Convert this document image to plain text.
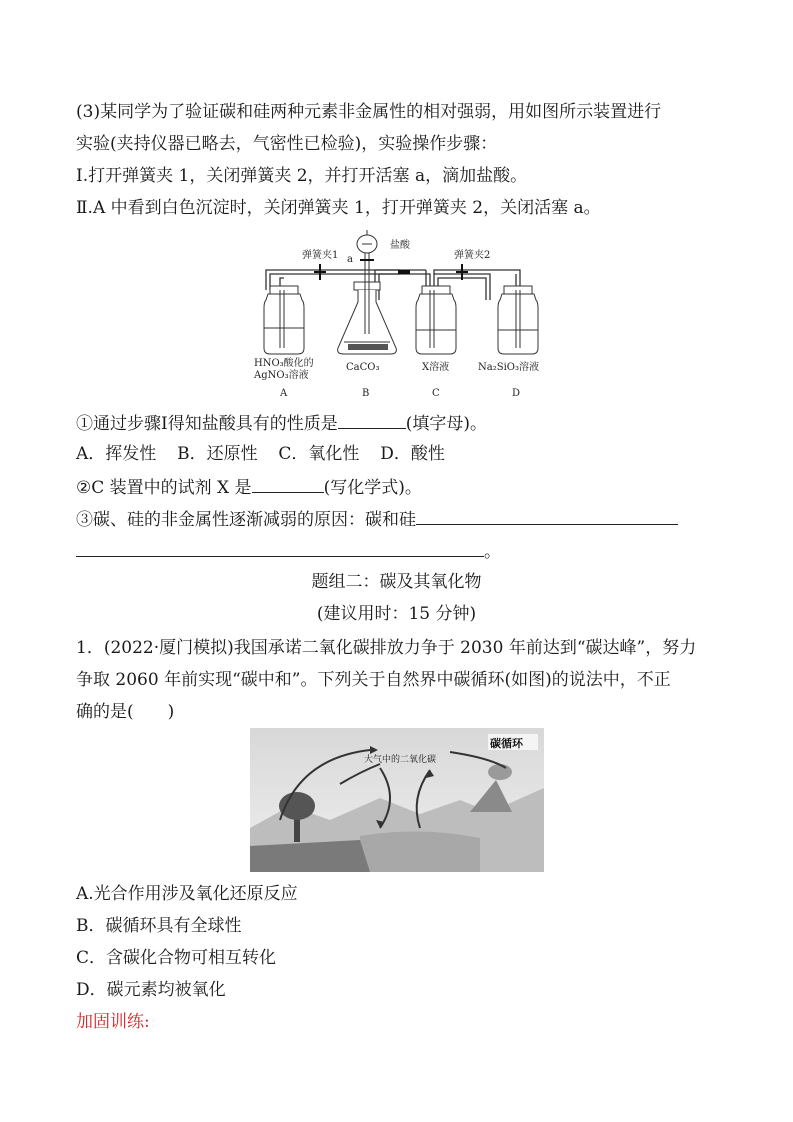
(3)某同学为了验证碳和硅两种元素非金属性的相对强弱，用如图所示装置进行
实验(夹持仪器已略去，气密性已检验)，实验操作步骤：
Ⅰ.打开弹簧夹 1，关闭弹簧夹 2，并打开活塞 a，滴加盐酸。
Ⅱ.A 中看到白色沉淀时，关闭弹簧夹 1，打开弹簧夹 2，关闭活塞 a。
弹簧夹1 a
盐酸
弹簧夹2
HNO₃酸化的
AgNO₃溶液
CaCO₃	X溶液	Na₂SiO₃溶液
A	B	C	D
①通过步骤Ⅰ得知盐酸具有的性质是	(填字母)。
A．挥发性 B．还原性 C．氧化性 D．酸性
②C 装置中的试剂 X 是	(写化学式)。
③碳、硅的非金属性逐渐减弱的原因：碳和硅
。
题组二：碳及其氧化物
(建议用时：15 分钟)
1．(2022·厦门模拟)我国承诺二氧化碳排放力争于 2030 年前达到“碳达峰”，努力
争取 2060 年前实现“碳中和”。下列关于自然界中碳循环(如图)的说法中，不正
确的是(　　)
碳循环
大气中的二氧化碳
A.光合作用涉及氧化还原反应
B．碳循环具有全球性
C．含碳化合物可相互转化
D．碳元素均被氧化
加固训练:
